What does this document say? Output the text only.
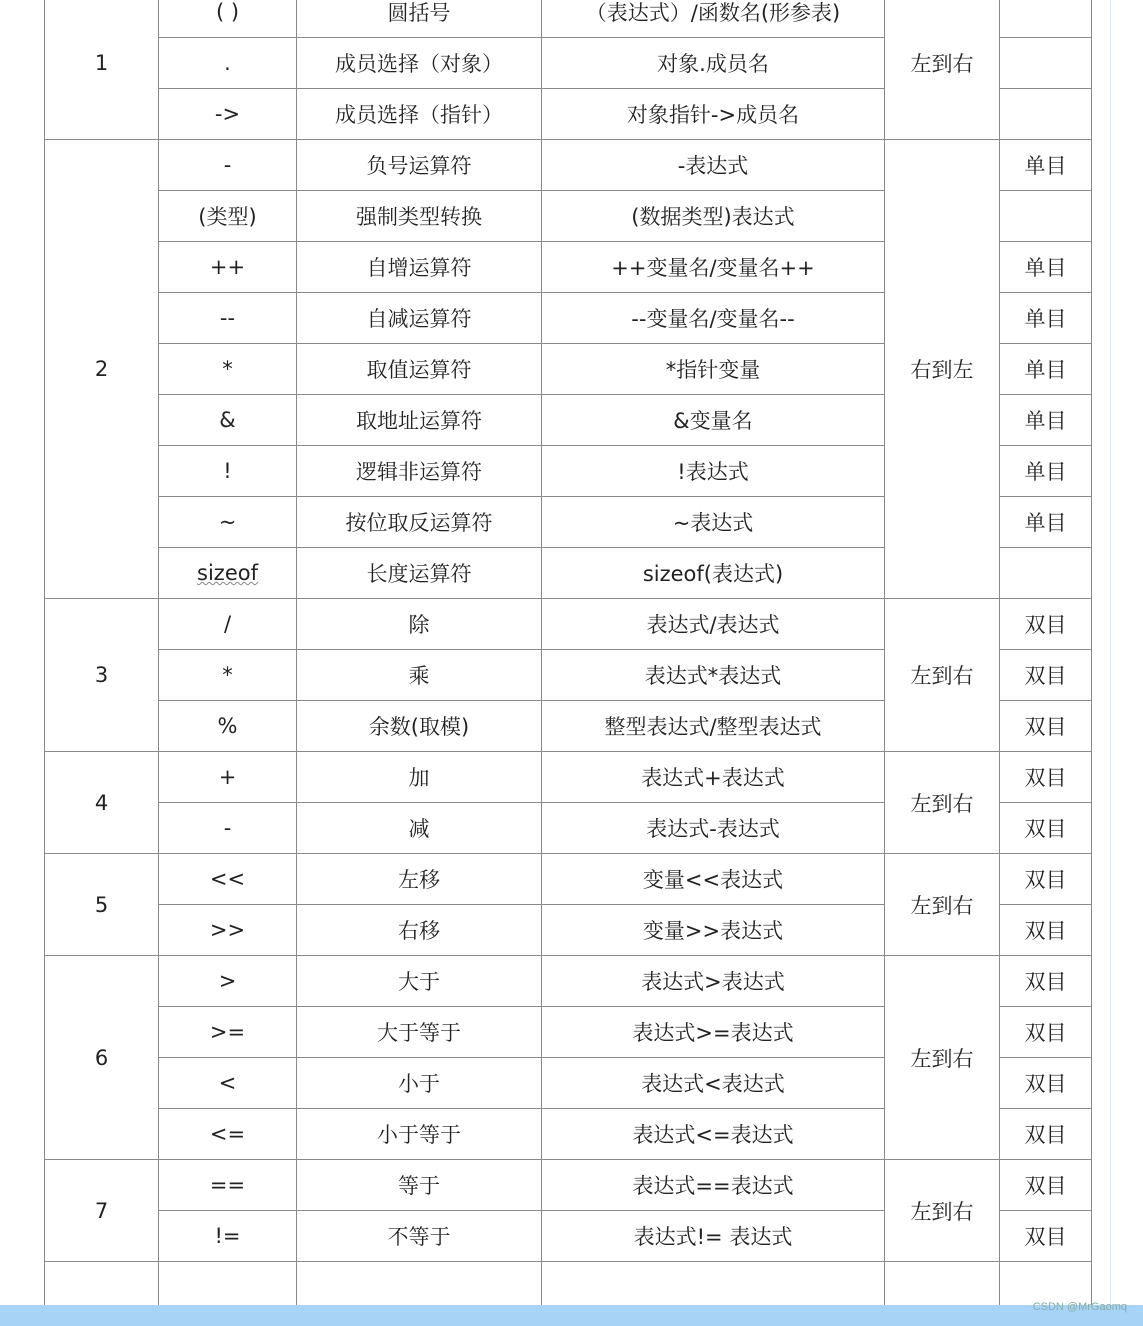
1	( )	圆括号	（表达式）/函数名(形参表)	左到右	
	.	成员选择（对象）	对象.成员名		
	->	成员选择（指针）	对象指针->成员名		
2	-	负号运算符	-表达式	右到左	单目
	(类型)	强制类型转换	(数据类型)表达式		
	++	自增运算符	++变量名/变量名++		单目
	--	自减运算符	--变量名/变量名--		单目
	*	取值运算符	*指针变量		单目
	&	取地址运算符	&变量名		单目
	!	逻辑非运算符	!表达式		单目
	~	按位取反运算符	~表达式		单目
	sizeof	长度运算符	sizeof(表达式)		
3	/	除	表达式/表达式	左到右	双目
	*	乘	表达式*表达式		双目
	%	余数(取模)	整型表达式/整型表达式		双目
4	+	加	表达式+表达式	左到右	双目
	-	减	表达式-表达式		双目
5	<<	左移	变量<<表达式	左到右	双目
	>>	右移	变量>>表达式		双目
6	>	大于	表达式>表达式	左到右	双目
	>=	大于等于	表达式>=表达式		双目
	<	小于	表达式<表达式		双目
	<=	小于等于	表达式<=表达式		双目
7	==	等于	表达式==表达式	左到右	双目
	!=	不等于	表达式!= 表达式		双目

CSDN @MrGaomq
